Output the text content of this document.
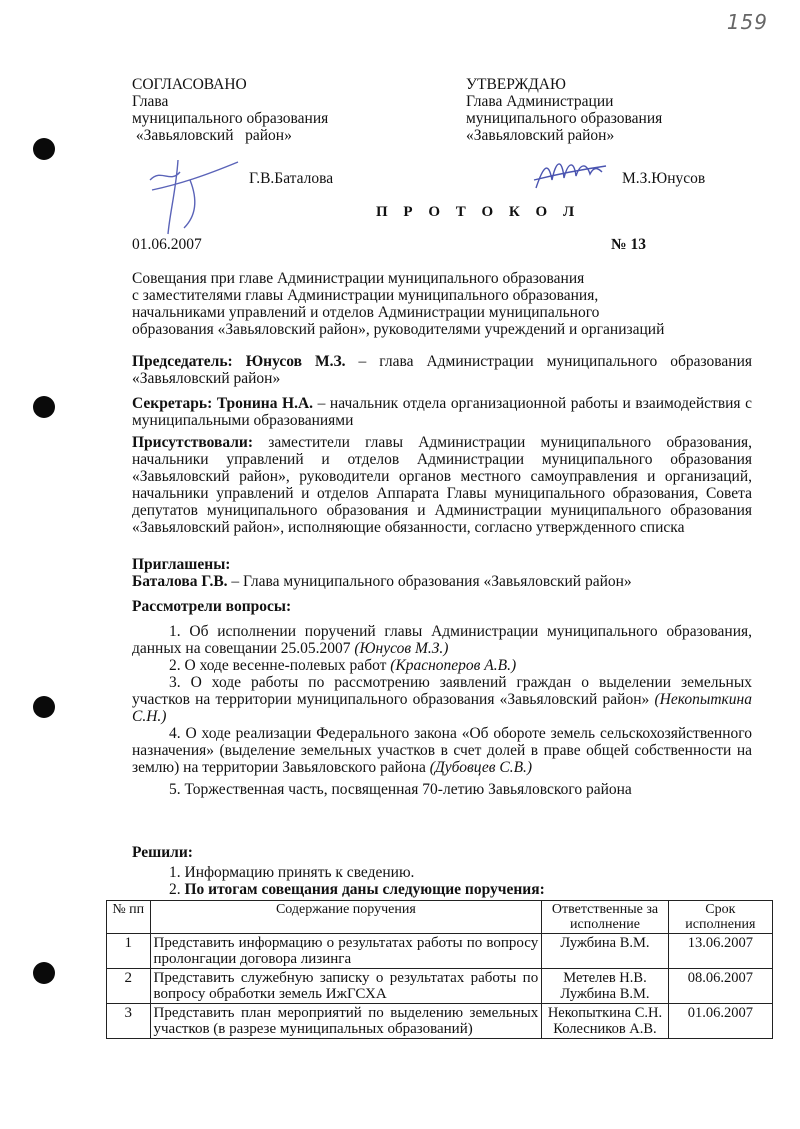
159
СОГЛАСОВАНО
Глава
муниципального образования
«Завьяловский   район»
УТВЕРЖДАЮ
Глава Администрации
муниципального образования
«Завьяловский район»
Г.В.Баталова	М.З.Юнусов
П Р О Т О К О Л
01.06.2007	№ 13
Совещания при главе Администрации муниципального образования
с заместителями главы Администрации муниципального образования,
начальниками управлений и отделов Администрации муниципального
образования «Завьяловский район», руководителями учреждений и организаций
Председатель: Юнусов М.З. – глава Администрации муниципального образования «Завьяловский район»
Секретарь: Тронина Н.А. – начальник отдела организационной работы и взаимодействия с муниципальными образованиями
Присутствовали: заместители главы Администрации муниципального образования, начальники управлений и отделов Администрации муниципального образования «Завьяловский район», руководители органов местного самоуправления и организаций, начальники управлений и отделов Аппарата Главы муниципального образования, Совета депутатов муниципального образования и Администрации муниципального образования «Завьяловский район», исполняющие обязанности, согласно утвержденного списка
Приглашены:
Баталова Г.В. – Глава муниципального образования «Завьяловский район»
Рассмотрели вопросы:
1. Об исполнении поручений главы Администрации муниципального образования, данных на совещании 25.05.2007 (Юнусов М.З.)
2. О ходе весенне-полевых работ (Красноперов А.В.)
3. О ходе работы по рассмотрению заявлений граждан о выделении земельных участков на территории муниципального образования «Завьяловский район» (Некопыткина С.Н.)
4. О ходе реализации Федерального закона «Об обороте земель сельскохозяйственного назначения» (выделение земельных участков в счет долей в праве общей собственности на землю) на территории Завьяловского района (Дубовцев С.В.)
5. Торжественная часть, посвященная 70-летию Завьяловского района
Решили:
1. Информацию принять к сведению.
2. По итогам совещания даны следующие поручения:
№ пп	Содержание поручения	Ответственные за исполнение	Срок исполнения
1	Представить информацию о результатах работы по вопросу пролонгации договора лизинга	Лужбина В.М.	13.06.2007
2	Представить служебную записку о результатах работы по вопросу обработки земель ИжГСХА	Метелев Н.В. Лужбина В.М.	08.06.2007
3	Представить план мероприятий по выделению земельных участков (в разрезе муниципальных образований)	Некопыткина С.Н. Колесников А.В.	01.06.2007
